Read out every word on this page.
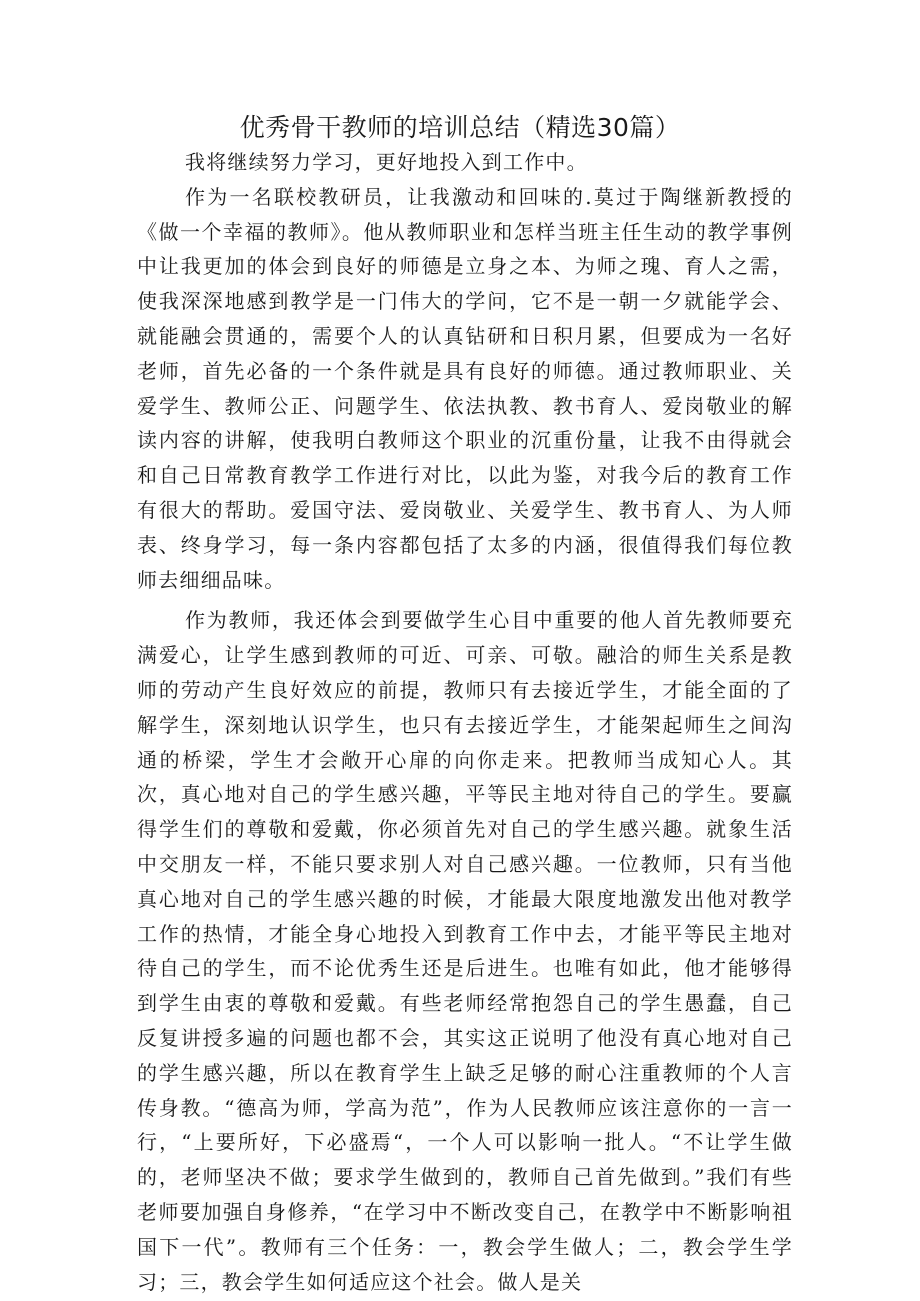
优秀骨干教师的培训总结（精选30篇）

我将继续努力学习，更好地投入到工作中。

作为一名联校教研员，让我激动和回味的.莫过于陶继新教授的《做一个幸福的教师》。他从教师职业和怎样当班主任生动的教学事例中让我更加的体会到良好的师德是立身之本、为师之瑰、育人之需，使我深深地感到教学是一门伟大的学问，它不是一朝一夕就能学会、就能融会贯通的，需要个人的认真钻研和日积月累，但要成为一名好老师，首先必备的一个条件就是具有良好的师德。通过教师职业、关爱学生、教师公正、问题学生、依法执教、教书育人、爱岗敬业的解读内容的讲解，使我明白教师这个职业的沉重份量，让我不由得就会和自己日常教育教学工作进行对比，以此为鉴，对我今后的教育工作有很大的帮助。爱国守法、爱岗敬业、关爱学生、教书育人、为人师表、终身学习，每一条内容都包括了太多的内涵，很值得我们每位教师去细细品味。

作为教师，我还体会到要做学生心目中重要的他人首先教师要充满爱心，让学生感到教师的可近、可亲、可敬。融洽的师生关系是教师的劳动产生良好效应的前提，教师只有去接近学生，才能全面的了解学生，深刻地认识学生，也只有去接近学生，才能架起师生之间沟通的桥梁，学生才会敞开心扉的向你走来。把教师当成知心人。其次，真心地对自己的学生感兴趣，平等民主地对待自己的学生。要赢得学生们的尊敬和爱戴，你必须首先对自己的学生感兴趣。就象生活中交朋友一样，不能只要求别人对自己感兴趣。一位教师，只有当他真心地对自己的学生感兴趣的时候，才能最大限度地激发出他对教学工作的热情，才能全身心地投入到教育工作中去，才能平等民主地对待自己的学生，而不论优秀生还是后进生。也唯有如此，他才能够得到学生由衷的尊敬和爱戴。有些老师经常抱怨自己的学生愚蠢，自己反复讲授多遍的问题也都不会，其实这正说明了他没有真心地对自己的学生感兴趣，所以在教育学生上缺乏足够的耐心注重教师的个人言传身教。“德高为师，学高为范”，作为人民教师应该注意你的一言一行，“上要所好，下必盛焉“，一个人可以影响一批人。“不让学生做的，老师坚决不做；要求学生做到的，教师自己首先做到。”我们有些老师要加强自身修养，“在学习中不断改变自己，在教学中不断影响祖国下一代”。教师有三个任务：一，教会学生做人；二，教会学生学习；三，教会学生如何适应这个社会。做人是关
